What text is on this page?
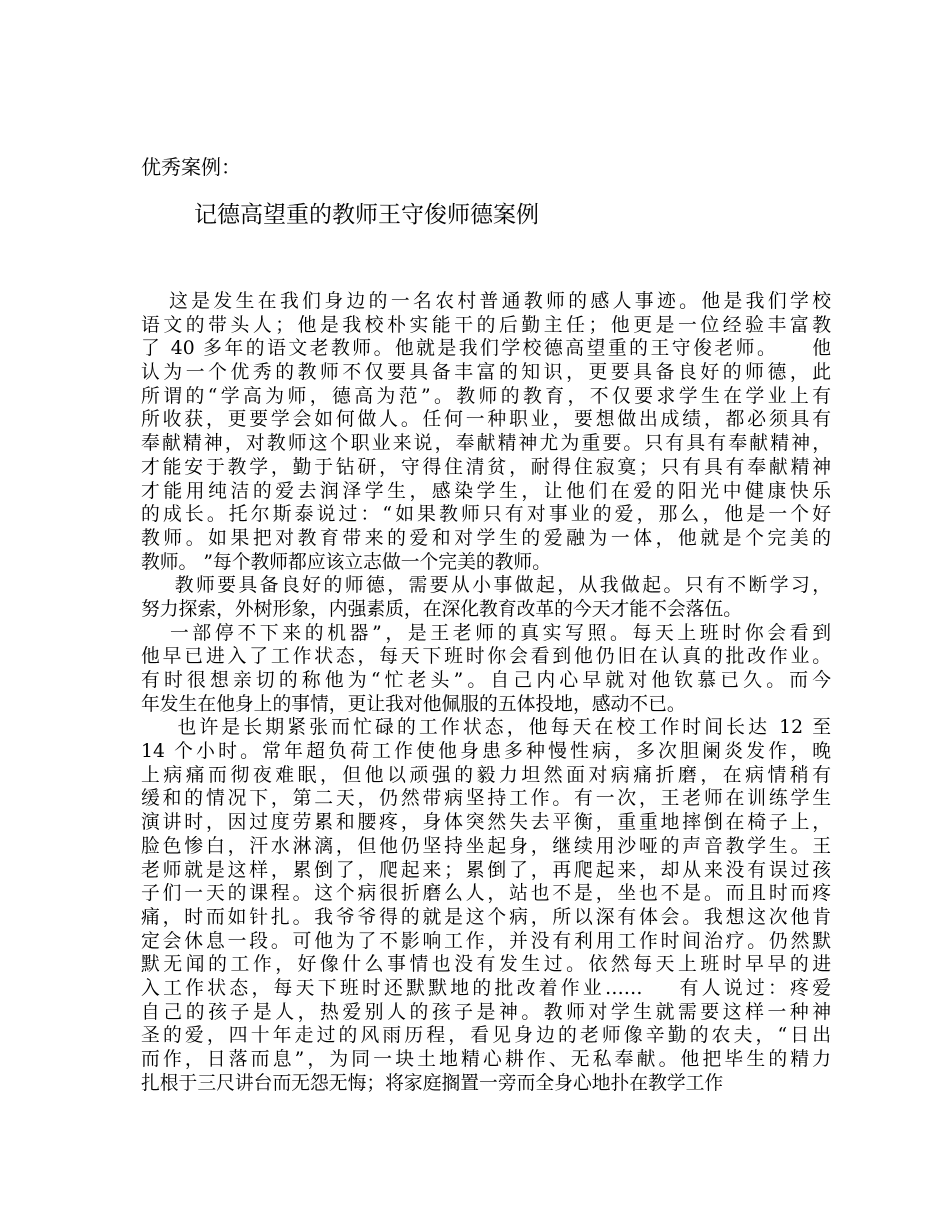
优秀案例：

记德高望重的教师王守俊师德案例
这是发生在我们身边的一名农村普通教师的感人事迹。他是我们学校
语文的带头人；他是我校朴实能干的后勤主任；他更是一位经验丰富教
了 40 多年的语文老教师。他就是我们学校德高望重的王守俊老师。    他
认为一个优秀的教师不仅要具备丰富的知识，更要具备良好的师德，此
所谓的“学高为师，德高为范”。教师的教育，不仅要求学生在学业上有
所收获，更要学会如何做人。任何一种职业，要想做出成绩，都必须具有
奉献精神，对教师这个职业来说，奉献精神尤为重要。只有具有奉献精神，
才能安于教学，勤于钻研，守得住清贫，耐得住寂寞；只有具有奉献精神
才能用纯洁的爱去润泽学生，感染学生，让他们在爱的阳光中健康快乐
的成长。托尔斯泰说过：“如果教师只有对事业的爱，那么，他是一个好
教师。如果把对教育带来的爱和对学生的爱融为一体，他就是个完美的
教师。 ”每个教师都应该立志做一个完美的教师。
教师要具备良好的师德，需要从小事做起，从我做起。只有不断学习，
努力探索，外树形象，内强素质，在深化教育改革的今天才能不会落伍。
一部停不下来的机器”，是王老师的真实写照。每天上班时你会看到
他早已进入了工作状态，每天下班时你会看到他仍旧在认真的批改作业。
有时很想亲切的称他为“忙老头”。自己内心早就对他钦慕已久。而今
年发生在他身上的事情，更让我对他佩服的五体投地，感动不已。
也许是长期紧张而忙碌的工作状态，他每天在校工作时间长达 12 至
14 个小时。常年超负荷工作使他身患多种慢性病，多次胆阑炎发作，晚
上病痛而彻夜难眠，但他以顽强的毅力坦然面对病痛折磨，在病情稍有
缓和的情况下，第二天，仍然带病坚持工作。有一次，王老师在训练学生
演讲时，因过度劳累和腰疼，身体突然失去平衡，重重地摔倒在椅子上，
脸色惨白，汗水淋漓，但他仍坚持坐起身，继续用沙哑的声音教学生。王
老师就是这样，累倒了，爬起来；累倒了，再爬起来，却从来没有误过孩
子们一天的课程。这个病很折磨么人，站也不是，坐也不是。而且时而疼
痛，时而如针扎。我爷爷得的就是这个病，所以深有体会。我想这次他肯
定会休息一段。可他为了不影响工作，并没有利用工作时间治疗。仍然默
默无闻的工作，好像什么事情也没有发生过。依然每天上班时早早的进
入工作状态，每天下班时还默默地的批改着作业……    有人说过：疼爱
自己的孩子是人，热爱别人的孩子是神。教师对学生就需要这样一种神
圣的爱，四十年走过的风雨历程，看见身边的老师像辛勤的农夫，“日出
而作，日落而息”，为同一块土地精心耕作、无私奉献。他把毕生的精力
扎根于三尺讲台而无怨无悔；将家庭搁置一旁而全身心地扑在教学工作
